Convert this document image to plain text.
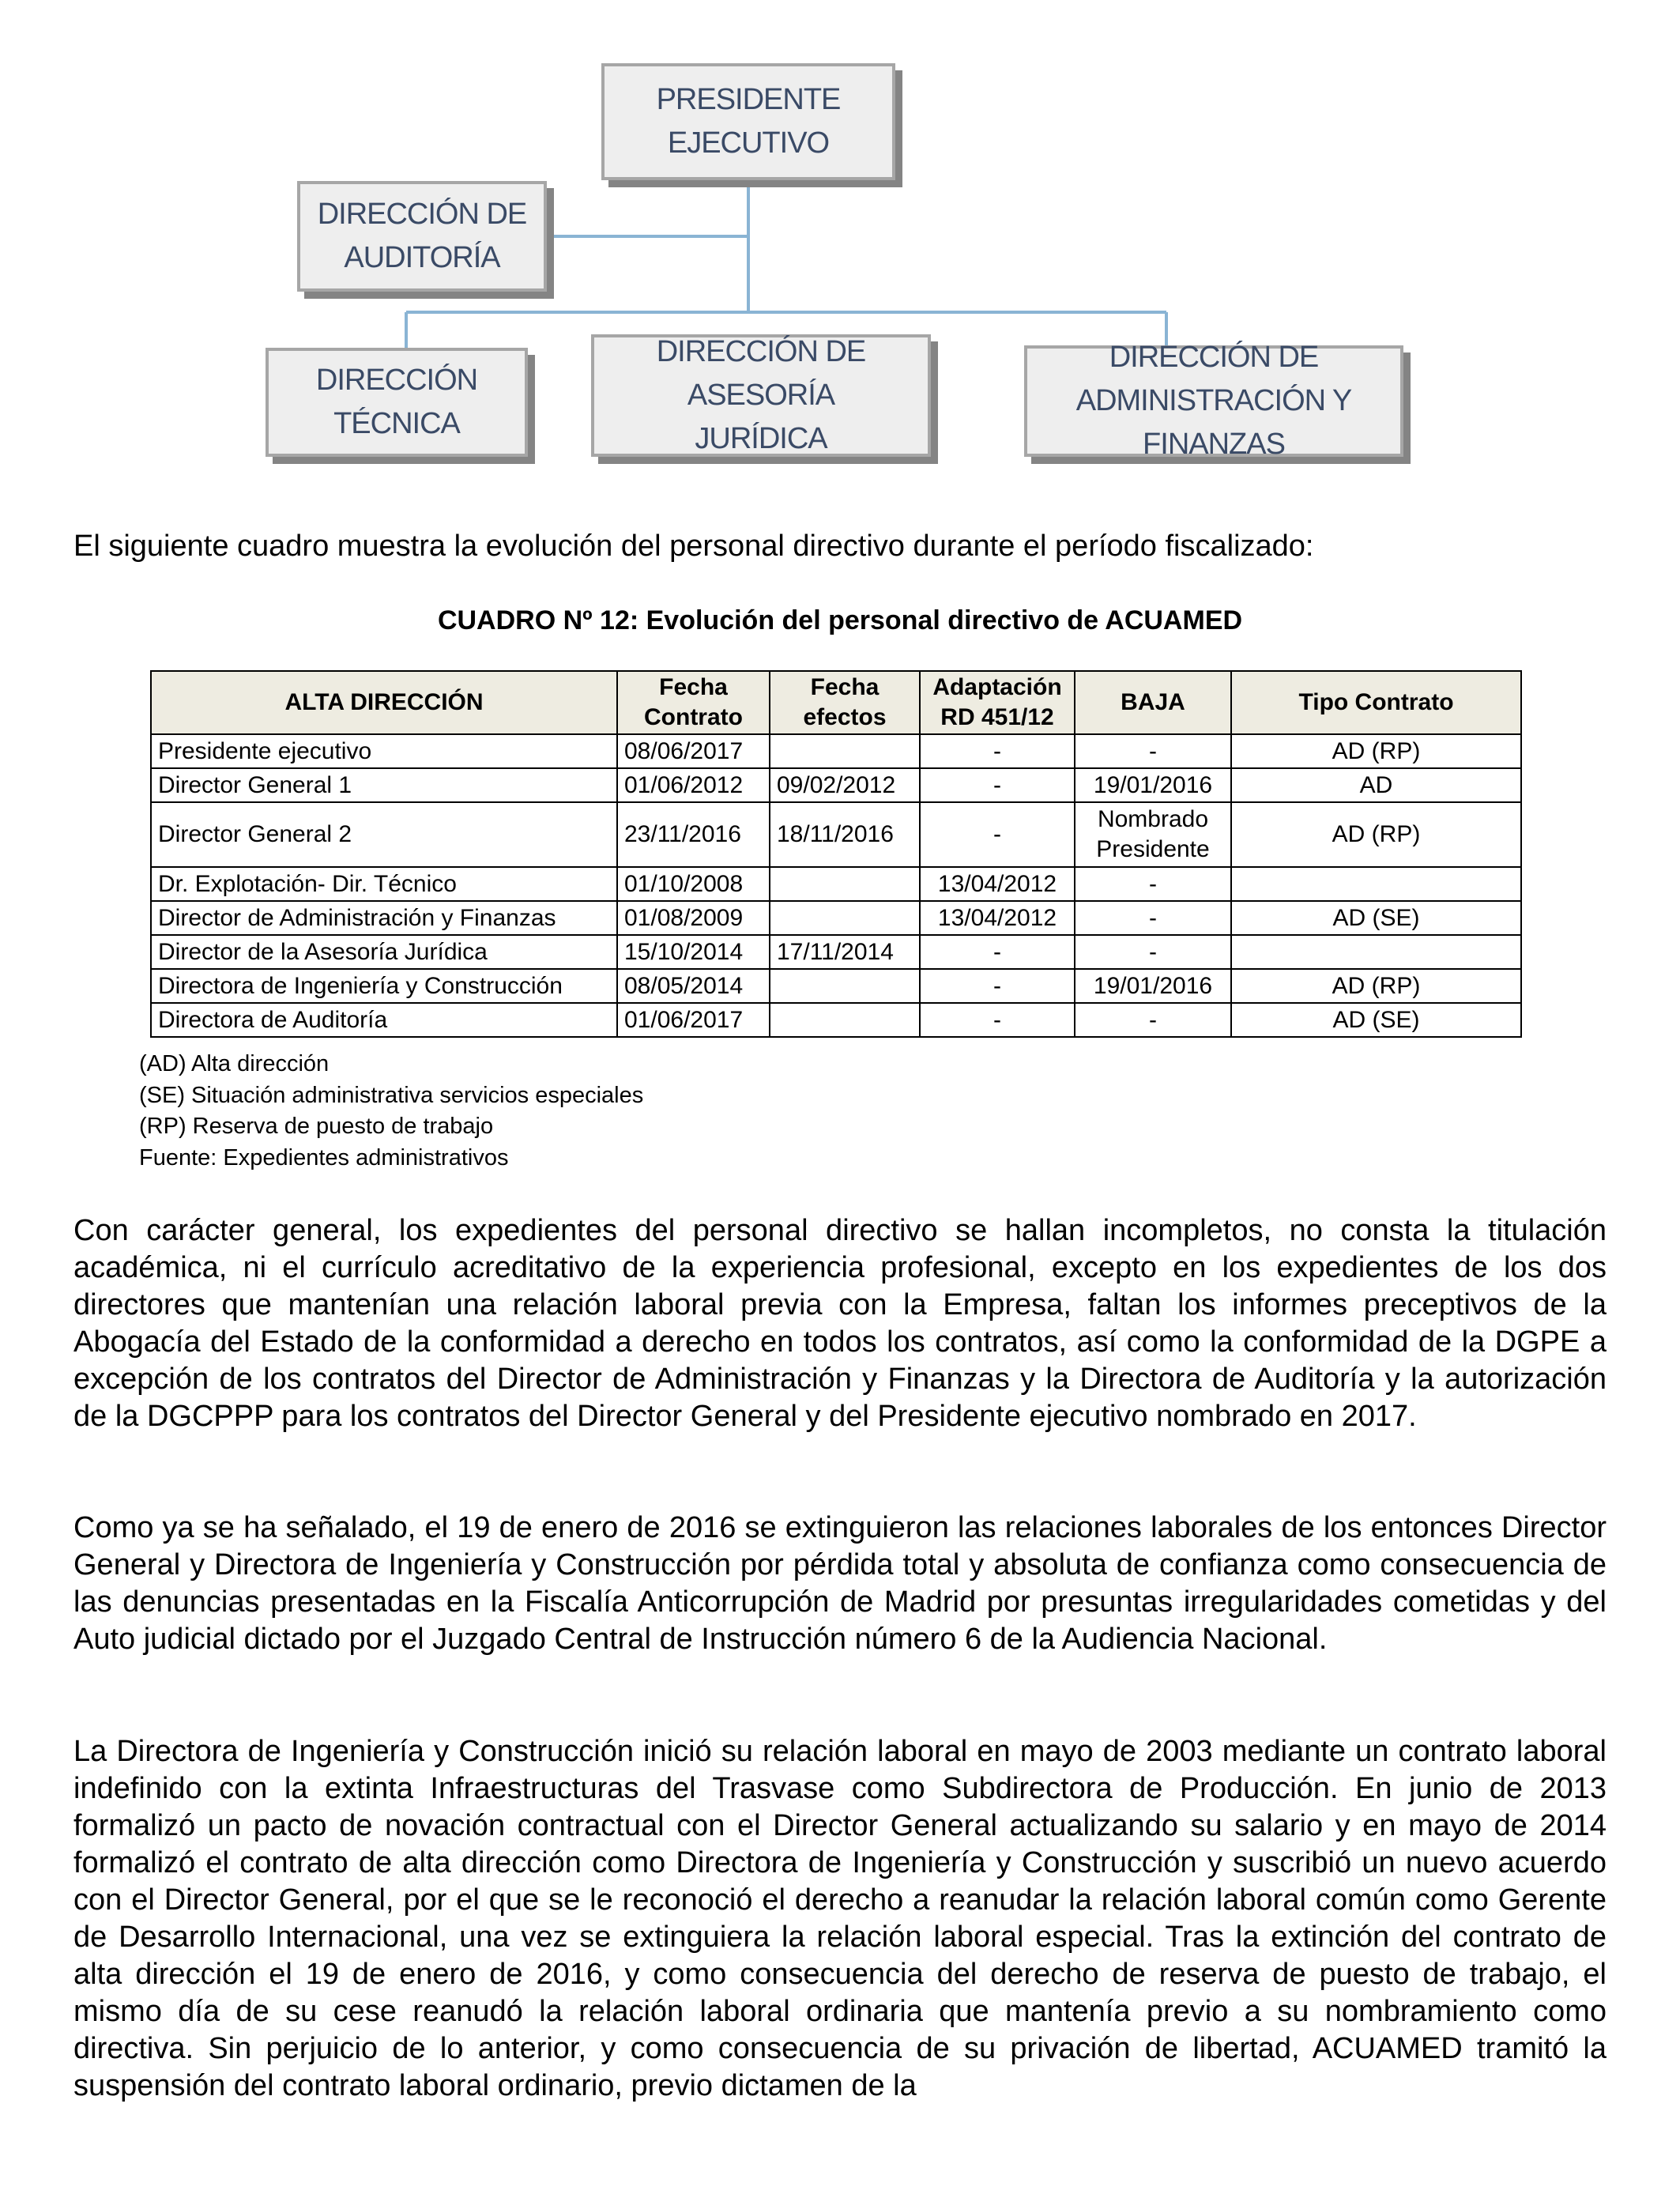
PRESIDENTE
EJECUTIVO
DIRECCIÓN DE
AUDITORÍA
DIRECCIÓN TÉCNICA
DIRECCIÓN DE ASESORÍA
JURÍDICA
DIRECCIÓN DE
ADMINISTRACIÓN Y FINANZAS

El siguiente cuadro muestra la evolución del personal directivo durante el período fiscalizado:

CUADRO Nº 12: Evolución del personal directivo de ACUAMED

ALTA DIRECCIÓN	Fecha Contrato	Fecha efectos	Adaptación RD 451/12	BAJA	Tipo Contrato
Presidente ejecutivo	08/06/2017		-	-	AD (RP)
Director General 1	01/06/2012	09/02/2012	-	19/01/2016	AD
Director General 2	23/11/2016	18/11/2016	-	Nombrado Presidente	AD (RP)
Dr. Explotación- Dir. Técnico	01/10/2008		13/04/2012	-	
Director de Administración y Finanzas	01/08/2009		13/04/2012	-	AD (SE)
Director de la Asesoría Jurídica	15/10/2014	17/11/2014	-	-	
Directora de Ingeniería y Construcción	08/05/2014		-	19/01/2016	AD (RP)
Directora de Auditoría	01/06/2017		-	-	AD (SE)
(AD) Alta dirección
(SE) Situación administrativa servicios especiales
(RP) Reserva de puesto de trabajo
Fuente: Expedientes administrativos

Con carácter general, los expedientes del personal directivo se hallan incompletos, no consta la titulación académica, ni el currículo acreditativo de la experiencia profesional, excepto en los expedientes de los dos directores que mantenían una relación laboral previa con la Empresa, faltan los informes preceptivos de la Abogacía del Estado de la conformidad a derecho en todos los contratos, así como la conformidad de la DGPE a excepción de los contratos del Director de Administración y Finanzas y la Directora de Auditoría y la autorización de la DGCPPP para los contratos del Director General y del Presidente ejecutivo nombrado en 2017.

Como ya se ha señalado, el 19 de enero de 2016 se extinguieron las relaciones laborales de los entonces Director General y Directora de Ingeniería y Construcción por pérdida total y absoluta de confianza como consecuencia de las denuncias presentadas en la Fiscalía Anticorrupción de Madrid por presuntas irregularidades cometidas y del Auto judicial dictado por el Juzgado Central de Instrucción número 6 de la Audiencia Nacional.

La Directora de Ingeniería y Construcción inició su relación laboral en mayo de 2003 mediante un contrato laboral indefinido con la extinta Infraestructuras del Trasvase como Subdirectora de Producción. En junio de 2013 formalizó un pacto de novación contractual con el Director General actualizando su salario y en mayo de 2014 formalizó el contrato de alta dirección como Directora de Ingeniería y Construcción y suscribió un nuevo acuerdo con el Director General, por el que se le reconoció el derecho a reanudar la relación laboral común como Gerente de Desarrollo Internacional, una vez se extinguiera la relación laboral especial. Tras la extinción del contrato de alta dirección el 19 de enero de 2016, y como consecuencia del derecho de reserva de puesto de trabajo, el mismo día de su cese reanudó la relación laboral ordinaria que mantenía previo a su nombramiento como directiva. Sin perjuicio de lo anterior, y como consecuencia de su privación de libertad, ACUAMED tramitó la suspensión del contrato laboral ordinario, previo dictamen de la
